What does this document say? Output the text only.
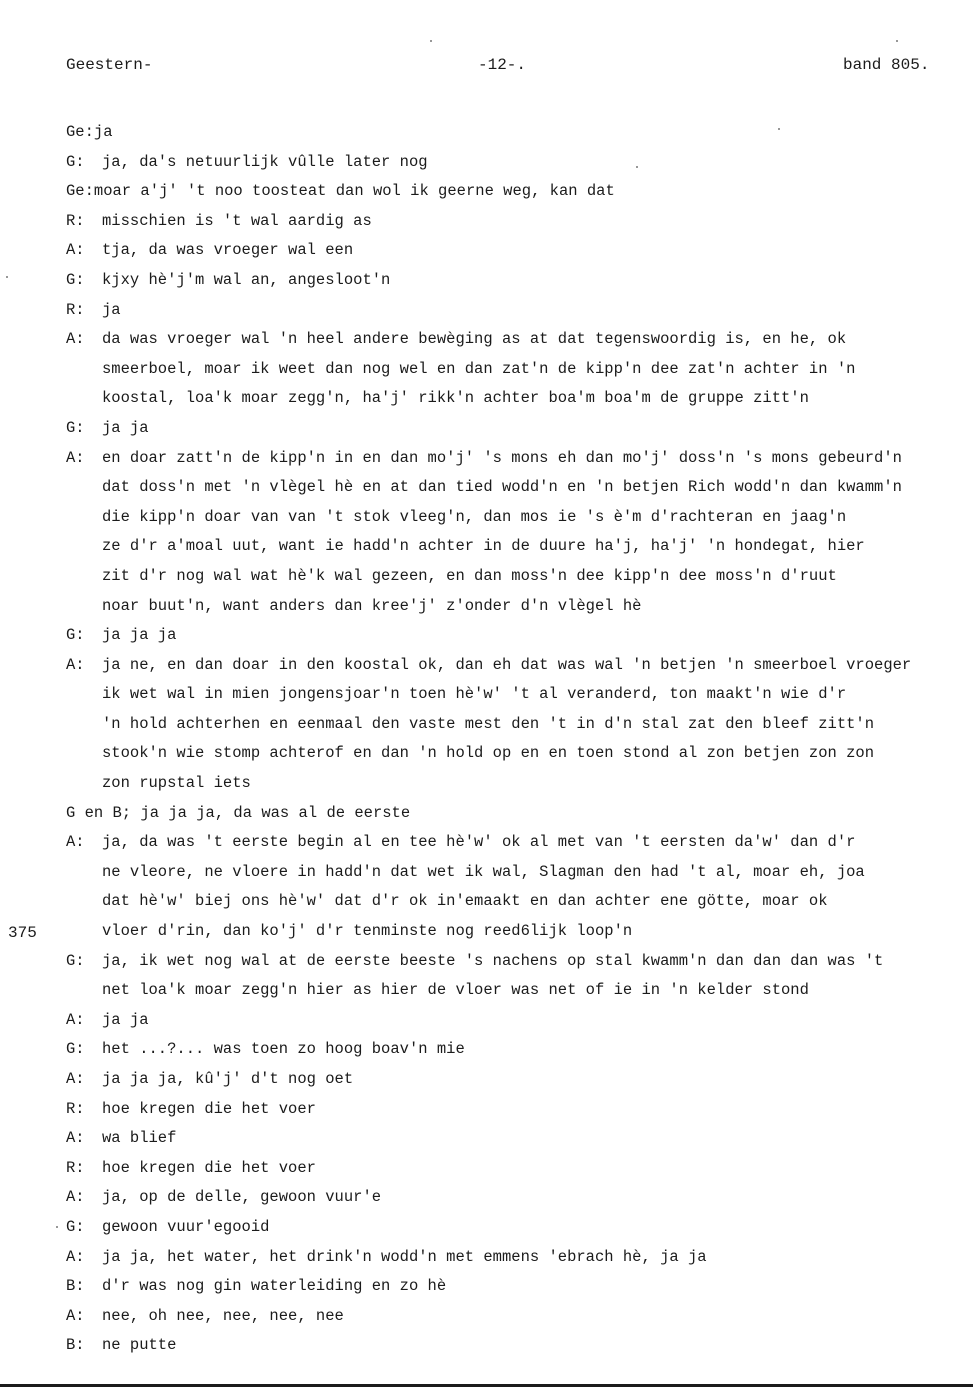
Geestern-	-12-.	band 805.
375
Ge:ja
G: ja, da's netuurlijk vûlle later nog
Ge:moar a'j' 't noo toosteat dan wol ik geerne weg, kan dat
R: misschien is 't wal aardig as
A: tja, da was vroeger wal een
G: kjxy hè'j'm wal an, angesloot'n
R: ja
A: da was vroeger wal 'n heel andere bewèging as at dat tegenswoordig is, en he, ok
smeerboel, moar ik weet dan nog wel en dan zat'n de kipp'n dee zat'n achter in 'n
koostal, loa'k moar zegg'n, ha'j' rikk'n achter boa'm boa'm de gruppe zitt'n
G: ja ja
A: en doar zatt'n de kipp'n in en dan mo'j' 's mons eh dan mo'j' doss'n 's mons gebeurd'n
dat doss'n met 'n vlègel hè en at dan tied wodd'n en 'n betjen Rich wodd'n dan kwamm'n
die kipp'n doar van van 't stok vleeg'n, dan mos ie 's è'm d'rachteran en jaag'n
ze d'r a'moal uut, want ie hadd'n achter in de duure ha'j, ha'j' 'n hondegat, hier
zit d'r nog wal wat hè'k wal gezeen, en dan moss'n dee kipp'n dee moss'n d'ruut
noar buut'n, want anders dan kree'j' z'onder d'n vlègel hè
G: ja ja ja
A: ja ne, en dan doar in den koostal ok, dan eh dat was wal 'n betjen 'n smeerboel vroeger
ik wet wal in mien jongensjoar'n toen hè'w' 't al veranderd, ton maakt'n wie d'r
'n hold achterhen en eenmaal den vaste mest den 't in d'n stal zat den bleef zitt'n
stook'n wie stomp achterof en dan 'n hold op en en toen stond al zon betjen zon zon
zon rupstal iets
G en B; ja ja ja, da was al de eerste
A: ja, da was 't eerste begin al en tee hè'w' ok al met van 't eersten da'w' dan d'r
ne vleore, ne vloere in hadd'n dat wet ik wal, Slagman den had 't al, moar eh, joa
dat hè'w' biej ons hè'w' dat d'r ok in'emaakt en dan achter ene götte, moar ok
vloer d'rin, dan ko'j' d'r tenminste nog reed6lijk loop'n
G: ja, ik wet nog wal at de eerste beeste 's nachens op stal kwamm'n dan dan dan was 't
net loa'k moar zegg'n hier as hier de vloer was net of ie in 'n kelder stond
A: ja ja
G: het ...?... was toen zo hoog boav'n mie
A: ja ja ja, kû'j' d't nog oet
R: hoe kregen die het voer
A: wa blief
R: hoe kregen die het voer
A: ja, op de delle, gewoon vuur'e
G: gewoon vuur'egooid
A: ja ja, het water, het drink'n wodd'n met emmens 'ebrach hè, ja ja
B: d'r was nog gin waterleiding en zo hè
A: nee, oh nee, nee, nee, nee
B: ne putte
